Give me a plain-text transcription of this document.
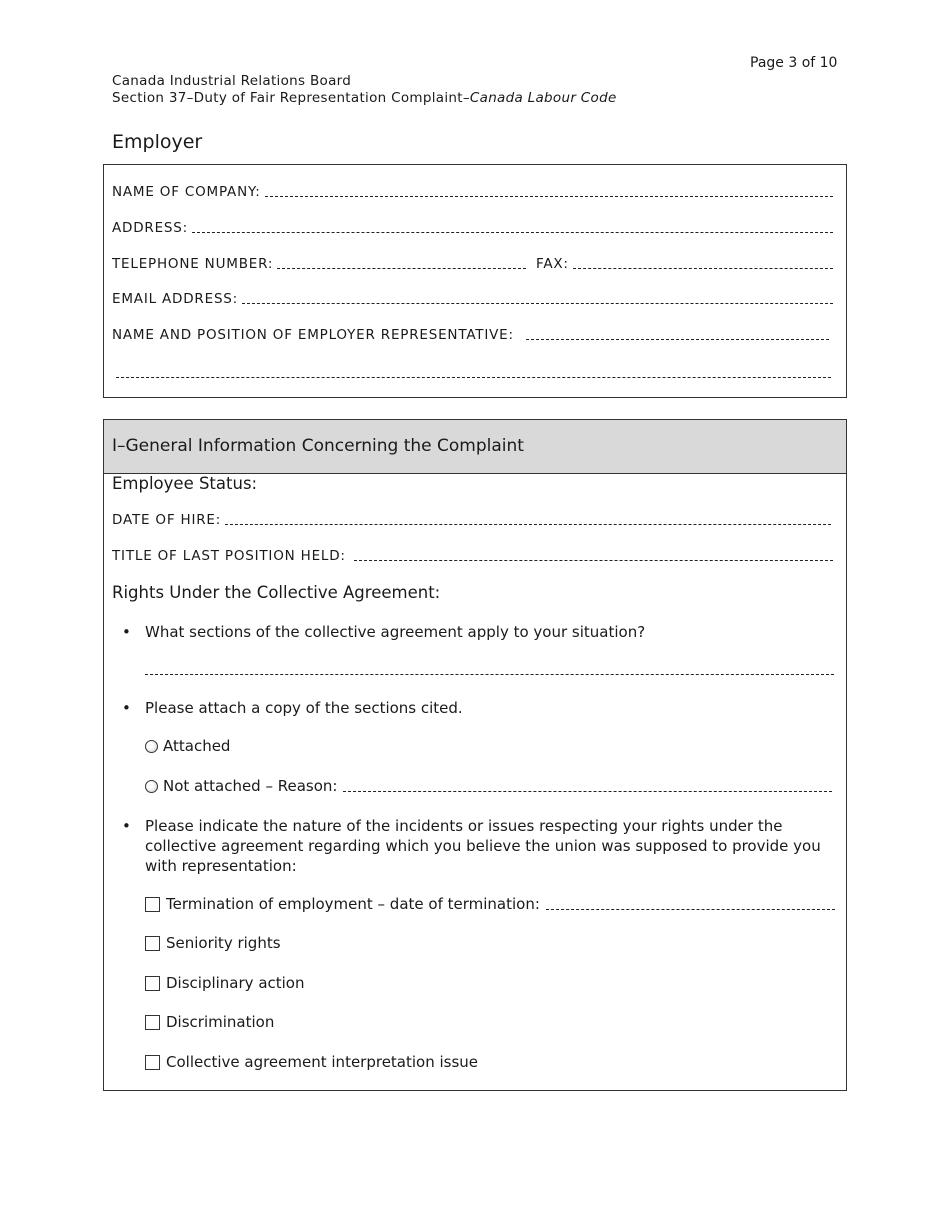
Page 3 of 10
Canada Industrial Relations Board
Section 37–Duty of Fair Representation Complaint–Canada Labour Code
Employer
NAME OF COMPANY:
ADDRESS:
TELEPHONE NUMBER:	FAX:
EMAIL ADDRESS:
NAME AND POSITION OF EMPLOYER REPRESENTATIVE:
I–General Information Concerning the Complaint
Employee Status:
DATE OF HIRE:
TITLE OF LAST POSITION HELD:
Rights Under the Collective Agreement:
• What sections of the collective agreement apply to your situation?
• Please attach a copy of the sections cited.
Attached
Not attached – Reason:
• Please indicate the nature of the incidents or issues respecting your rights under the collective agreement regarding which you believe the union was supposed to provide you with representation:
Termination of employment – date of termination:
Seniority rights
Disciplinary action
Discrimination
Collective agreement interpretation issue
